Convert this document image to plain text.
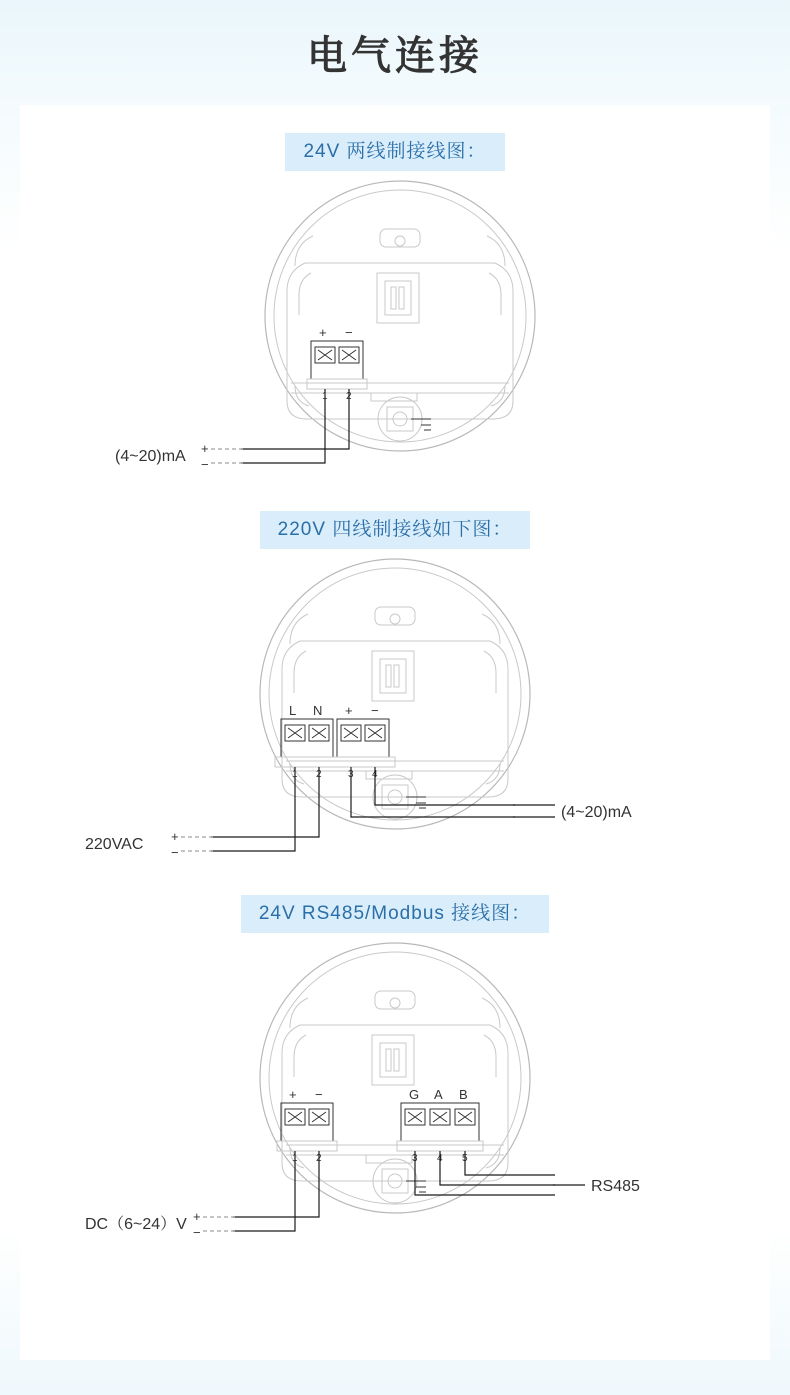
电气连接
24V 两线制接线图：
+ −
1 2
(4~20)mA +
−
220V 四线制接线如下图：
L N + −
1 2	3 4
220VAC +
−
(4~20)mA
24V RS485/Modbus 接线图：
+ −
1 2
G A B
3 4 5
DC（6~24）V +
−
RS485
